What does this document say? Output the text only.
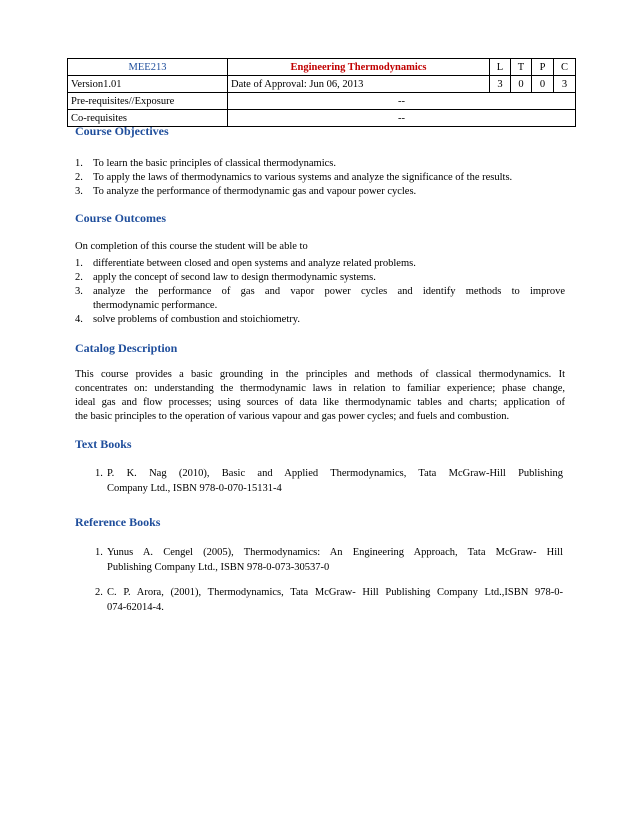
MEE213	Engineering Thermodynamics	L	T	P	C
Version1.01	Date of Approval: Jun 06, 2013	3	0	0	3
Pre-requisites//Exposure	--				
Co-requisites	--				

Course Objectives

1. To learn the basic principles of classical thermodynamics.
2. To apply the laws of thermodynamics to various systems and analyze the significance of the results.
3. To analyze the performance of thermodynamic gas and vapour power cycles.

Course Outcomes

On completion of this course the student will be able to

1. differentiate between closed and open systems and analyze related problems.
2. apply the concept of second law to design thermodynamic systems.
3. analyze the performance of gas and vapor power cycles and identify methods to improve
thermodynamic performance.
4. solve problems of combustion and stoichiometry.

Catalog Description

This course provides a basic grounding in the principles and methods of classical thermodynamics. It
concentrates on: understanding the thermodynamic laws in relation to familiar experience; phase change,
ideal gas and flow processes; using sources of data like thermodynamic tables and charts; application of
the basic principles to the operation of various vapour and gas power cycles; and fuels and combustion.

Text Books

1. P. K. Nag (2010), Basic and Applied Thermodynamics, Tata McGraw-Hill Publishing
Company Ltd., ISBN 978-0-070-15131-4

Reference Books

1. Yunus A. Cengel (2005), Thermodynamics: An Engineering Approach, Tata McGraw- Hill
Publishing Company Ltd., ISBN 978-0-073-30537-0
2. C. P. Arora, (2001), Thermodynamics, Tata McGraw- Hill Publishing Company Ltd.,ISBN 978-0-
074-62014-4.
